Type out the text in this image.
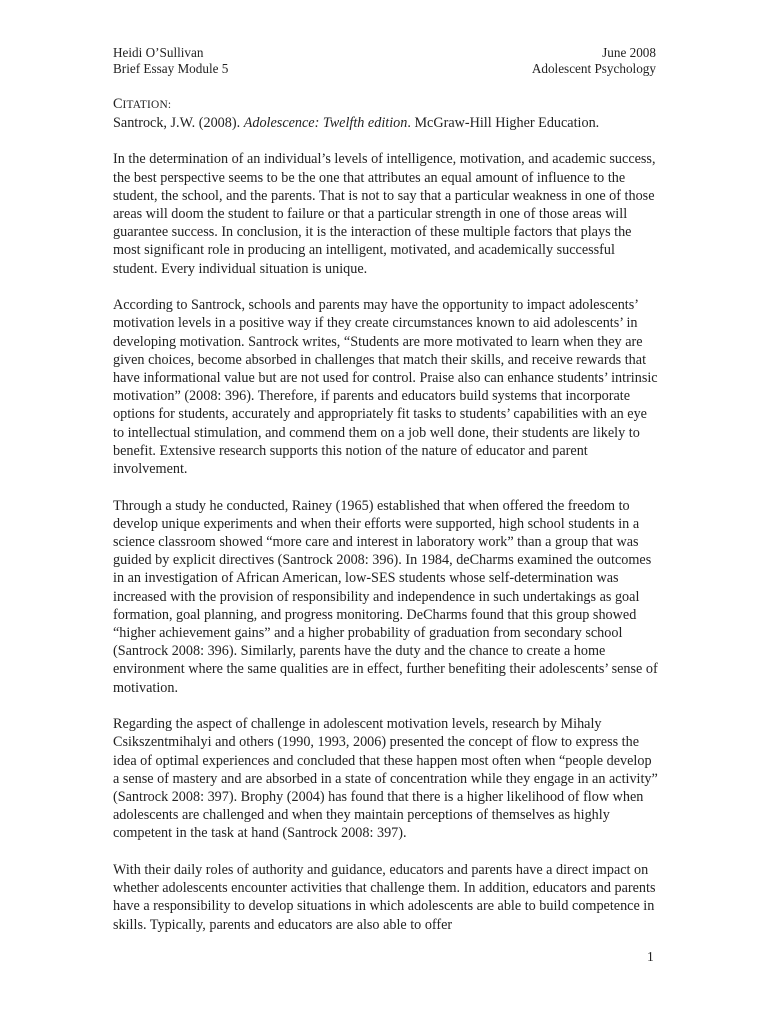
Heidi O’Sullivan	June 2008
Brief Essay Module 5	Adolescent Psychology

CITATION:

Santrock, J.W. (2008). Adolescence: Twelfth edition. McGraw-Hill Higher Education.

In the determination of an individual’s levels of intelligence, motivation, and academic success, the best perspective seems to be the one that attributes an equal amount of influence to the student, the school, and the parents. That is not to say that a particular weakness in one of those areas will doom the student to failure or that a particular strength in one of those areas will guarantee success. In conclusion, it is the interaction of these multiple factors that plays the most significant role in producing an intelligent, motivated, and academically successful student. Every individual situation is unique.

According to Santrock, schools and parents may have the opportunity to impact adolescents’ motivation levels in a positive way if they create circumstances known to aid adolescents’ in developing motivation. Santrock writes, “Students are more motivated to learn when they are given choices, become absorbed in challenges that match their skills, and receive rewards that have informational value but are not used for control. Praise also can enhance students’ intrinsic motivation” (2008: 396). Therefore, if parents and educators build systems that incorporate options for students, accurately and appropriately fit tasks to students’ capabilities with an eye to intellectual stimulation, and commend them on a job well done, their students are likely to benefit. Extensive research supports this notion of the nature of educator and parent involvement.

Through a study he conducted, Rainey (1965) established that when offered the freedom to develop unique experiments and when their efforts were supported, high school students in a science classroom showed “more care and interest in laboratory work” than a group that was guided by explicit directives (Santrock 2008: 396). In 1984, deCharms examined the outcomes in an investigation of African American, low-SES students whose self-determination was increased with the provision of responsibility and independence in such undertakings as goal formation, goal planning, and progress monitoring. DeCharms found that this group showed “higher achievement gains” and a higher probability of graduation from secondary school (Santrock 2008: 396). Similarly, parents have the duty and the chance to create a home environment where the same qualities are in effect, further benefiting their adolescents’ sense of motivation.

Regarding the aspect of challenge in adolescent motivation levels, research by Mihaly Csikszentmihalyi and others (1990, 1993, 2006) presented the concept of flow to express the idea of optimal experiences and concluded that these happen most often when “people develop a sense of mastery and are absorbed in a state of concentration while they engage in an activity” (Santrock 2008: 397). Brophy (2004) has found that there is a higher likelihood of flow when adolescents are challenged and when they maintain perceptions of themselves as highly competent in the task at hand (Santrock 2008: 397).

With their daily roles of authority and guidance, educators and parents have a direct impact on whether adolescents encounter activities that challenge them. In addition, educators and parents have a responsibility to develop situations in which adolescents are able to build competence in skills. Typically, parents and educators are also able to offer

1
